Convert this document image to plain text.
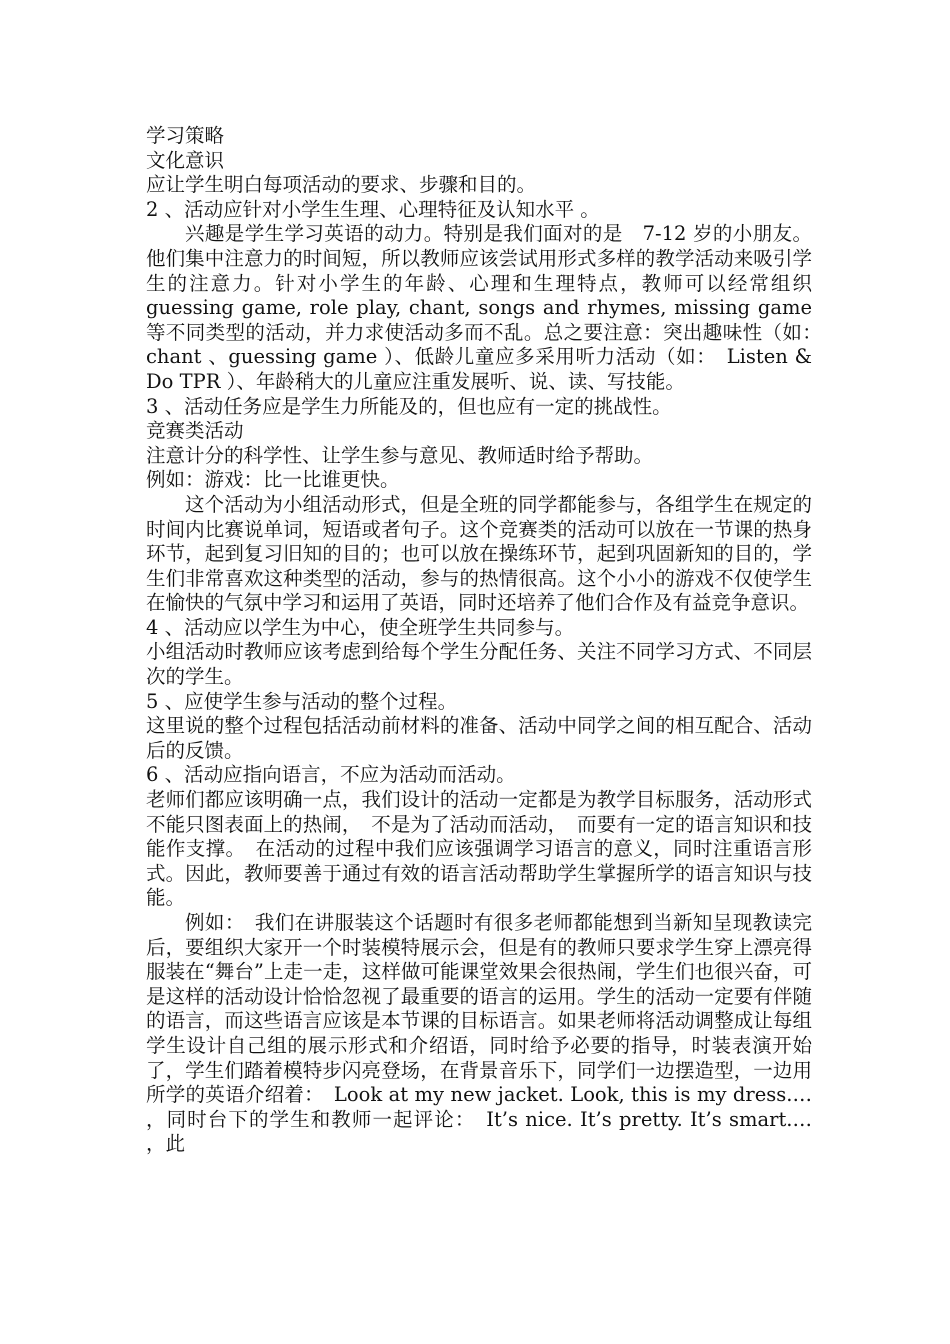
学习策略

文化意识

应让学生明白每项活动的要求、步骤和目的。

2 、活动应针对小学生生理、心理特征及认知水平 。

兴趣是学生学习英语的动力。特别是我们面对的是　7-12 岁的小朋友。他们集中注意力的时间短，所以教师应该尝试用形式多样的教学活动来吸引学生的注意力。针对小学生的年龄、心理和生理特点，教师可以经常组织　guessing game, role play, chant, songs and rhymes, missing game 等不同类型的活动，并力求使活动多而不乱。总之要注意：突出趣味性（如：　chant 、guessing game ）、低龄儿童应多采用听力活动（如：　Listen & Do TPR ）、年龄稍大的儿童应注重发展听、说、读、写技能。

3 、活动任务应是学生力所能及的，但也应有一定的挑战性。

竞赛类活动

注意计分的科学性、让学生参与意见、教师适时给予帮助。

例如：游戏：比一比谁更快。

这个活动为小组活动形式，但是全班的同学都能参与，各组学生在规定的时间内比赛说单词，短语或者句子。这个竞赛类的活动可以放在一节课的热身环节，起到复习旧知的目的；也可以放在操练环节，起到巩固新知的目的，学生们非常喜欢这种类型的活动，参与的热情很高。这个小小的游戏不仅使学生在愉快的气氛中学习和运用了英语，同时还培养了他们合作及有益竞争意识。

4 、活动应以学生为中心，使全班学生共同参与。

小组活动时教师应该考虑到给每个学生分配任务、关注不同学习方式、不同层次的学生。

5 、应使学生参与活动的整个过程。

这里说的整个过程包括活动前材料的准备、活动中同学之间的相互配合、活动后的反馈。

6 、活动应指向语言，不应为活动而活动。

老师们都应该明确一点，我们设计的活动一定都是为教学目标服务，活动形式不能只图表面上的热闹，　不是为了活动而活动，　而要有一定的语言知识和技能作支撑。　在活动的过程中我们应该强调学习语言的意义，同时注重语言形式。因此，教师要善于通过有效的语言活动帮助学生掌握所学的语言知识与技能。

例如：　我们在讲服装这个话题时有很多老师都能想到当新知呈现教读完后，要组织大家开一个时装模特展示会，但是有的教师只要求学生穿上漂亮得服装在“舞台”上走一走，这样做可能课堂效果会很热闹，学生们也很兴奋，可是这样的活动设计恰恰忽视了最重要的语言的运用。学生的活动一定要有伴随的语言，而这些语言应该是本节课的目标语言。如果老师将活动调整成让每组学生设计自己组的展示形式和介绍语，同时给予必要的指导，时装表演开始了，学生们踏着模特步闪亮登场，在背景音乐下，同学们一边摆造型，一边用所学的英语介绍着：　Look at my new jacket. Look, this is my dress.… ，同时台下的学生和教师一起评论：　It’s nice. It’s pretty. It’s smart.… ，此
